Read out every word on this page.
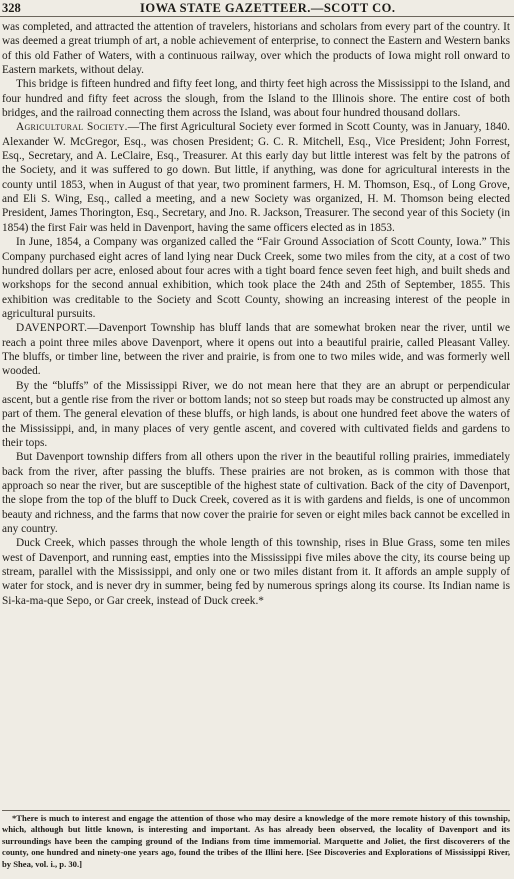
328	IOWA STATE GAZETTEER.—SCOTT CO.

was completed, and attracted the attention of travelers, historians and scholars from every part of the country. It was deemed a great triumph of art, a noble achievement of enterprise, to connect the Eastern and Western banks of this old Father of Waters, with a continuous railway, over which the products of Iowa might roll onward to Eastern markets, without delay.

This bridge is fifteen hundred and fifty feet long, and thirty feet high across the Mississippi to the Island, and four hundred and fifty feet across the slough, from the Island to the Illinois shore. The entire cost of both bridges, and the railroad connecting them across the Island, was about four hundred thousand dollars.

Agricultural Society.—The first Agricultural Society ever formed in Scott County, was in January, 1840. Alexander W. McGregor, Esq., was chosen President; G. C. R. Mitchell, Esq., Vice President; John Forrest, Esq., Secretary, and A. LeClaire, Esq., Treasurer. At this early day but little interest was felt by the patrons of the Society, and it was suffered to go down. But little, if anything, was done for agricultural interests in the county until 1853, when in August of that year, two prominent farmers, H. M. Thomson, Esq., of Long Grove, and Eli S. Wing, Esq., called a meeting, and a new Society was organized, H. M. Thomson being elected President, James Thorington, Esq., Secretary, and Jno. R. Jackson, Treasurer. The second year of this Society (in 1854) the first Fair was held in Davenport, having the same officers elected as in 1853.

In June, 1854, a Company was organized called the “Fair Ground Association of Scott County, Iowa.” This Company purchased eight acres of land lying near Duck Creek, some two miles from the city, at a cost of two hundred dollars per acre, enlosed about four acres with a tight board fence seven feet high, and built sheds and workshops for the second annual exhibition, which took place the 24th and 25th of September, 1855. This exhibition was creditable to the Society and Scott County, showing an increasing interest of the people in agricultural pursuits.

DAVENPORT.—Davenport Township has bluff lands that are somewhat broken near the river, until we reach a point three miles above Davenport, where it opens out into a beautiful prairie, called Pleasant Valley. The bluffs, or timber line, between the river and prairie, is from one to two miles wide, and was formerly well wooded.

By the “bluffs” of the Mississippi River, we do not mean here that they are an abrupt or perpendicular ascent, but a gentle rise from the river or bottom lands; not so steep but roads may be constructed up almost any part of them. The general elevation of these bluffs, or high lands, is about one hundred feet above the waters of the Mississippi, and, in many places of very gentle ascent, and covered with cultivated fields and gardens to their tops.

But Davenport township differs from all others upon the river in the beautiful rolling prairies, immediately back from the river, after passing the bluffs. These prairies are not broken, as is common with those that approach so near the river, but are susceptible of the highest state of cultivation. Back of the city of Davenport, the slope from the top of the bluff to Duck Creek, covered as it is with gardens and fields, is one of uncommon beauty and richness, and the farms that now cover the prairie for seven or eight miles back cannot be excelled in any country.

Duck Creek, which passes through the whole length of this township, rises in Blue Grass, some ten miles west of Davenport, and running east, empties into the Mississippi five miles above the city, its course being up stream, parallel with the Mississippi, and only one or two miles distant from it. It affords an ample supply of water for stock, and is never dry in summer, being fed by numerous springs along its course. Its Indian name is Si-ka-ma-que Sepo, or Gar creek, instead of Duck creek.*

*There is much to interest and engage the attention of those who may desire a knowledge of the more remote history of this township, which, although but little known, is interesting and important. As has already been observed, the locality of Davenport and its surroundings have been the camping ground of the Indians from time immemorial. Marquette and Joliet, the first discoverers of the county, one hundred and ninety-one years ago, found the tribes of the Illini here. [See Discoveries and Explorations of Mississippi River, by Shea, vol. i., p. 30.]
